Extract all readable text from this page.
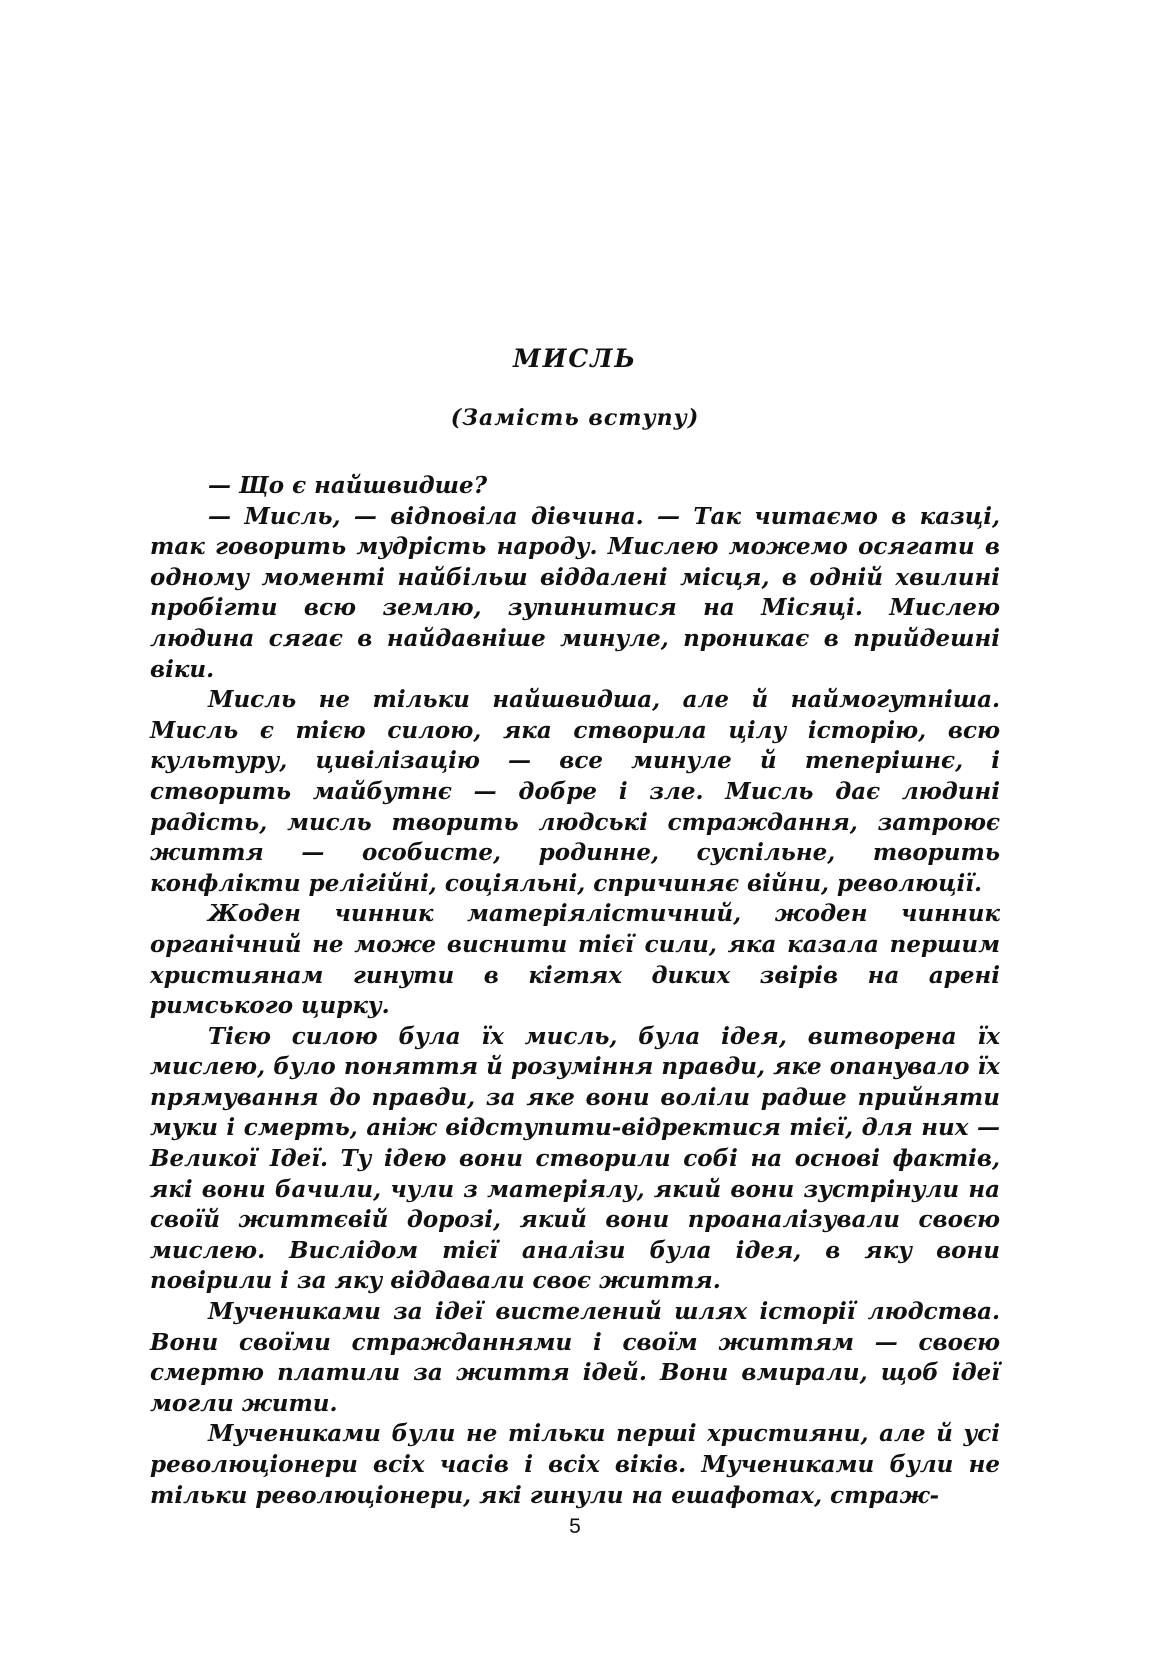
МИСЛЬ
(Замість вступу)

— Що є найшвидше?

— Мисль, — відповіла дівчина. — Так читаємо в казці, так говорить мудрість народу. Мислею можемо осягати в одному моменті найбільш віддалені місця, в одній хвилині пробігти всю землю, зупинитися на Місяці. Мислею людина сягає в найдавніше минуле, проникає в прийдешні віки.

Мисль не тільки найшвидша, але й наймогутніша. Мисль є тією силою, яка створила цілу історію, всю культуру, цивілізацію — все минуле й теперішнє, і створить майбутнє — добре і зле. Мисль дає людині радість, мисль творить людські страждання, затроює життя — особисте, родинне, суспільне, творить конфлікти релігійні, соціяльні, спричиняє війни, революції.

Жоден чинник матеріялістичний, жоден чинник органічний не може виснити тієї сили, яка казала першим християнам гинути в кігтях диких звірів на арені римського цирку.

Тією силою була їх мисль, була ідея, витворена їх мислею, було поняття й розуміння правди, яке опанувало їх прямування до правди, за яке вони воліли радше прийняти муки і смерть, аніж відступити-відректися тієї, для них —Великої Ідеї. Ту ідею вони створили собі на основі фактів, які вони бачили, чули з матеріялу, який вони зустрінули на своїй життєвій дорозі, який вони проаналізували своєю мислею. Вислідом тієї аналізи була ідея, в яку вони повірили і за яку віддавали своє життя.

Мучениками за ідеї вистелений шлях історії людства. Вони своїми стражданнями і своїм життям — своєю смертю платили за життя ідей. Вони вмирали, щоб ідеї могли жити.

Мучениками були не тільки перші християни, але й усі революціонери всіх часів і всіх віків. Мучениками були не тільки революціонери, які гинули на ешафотах, страж-

5
